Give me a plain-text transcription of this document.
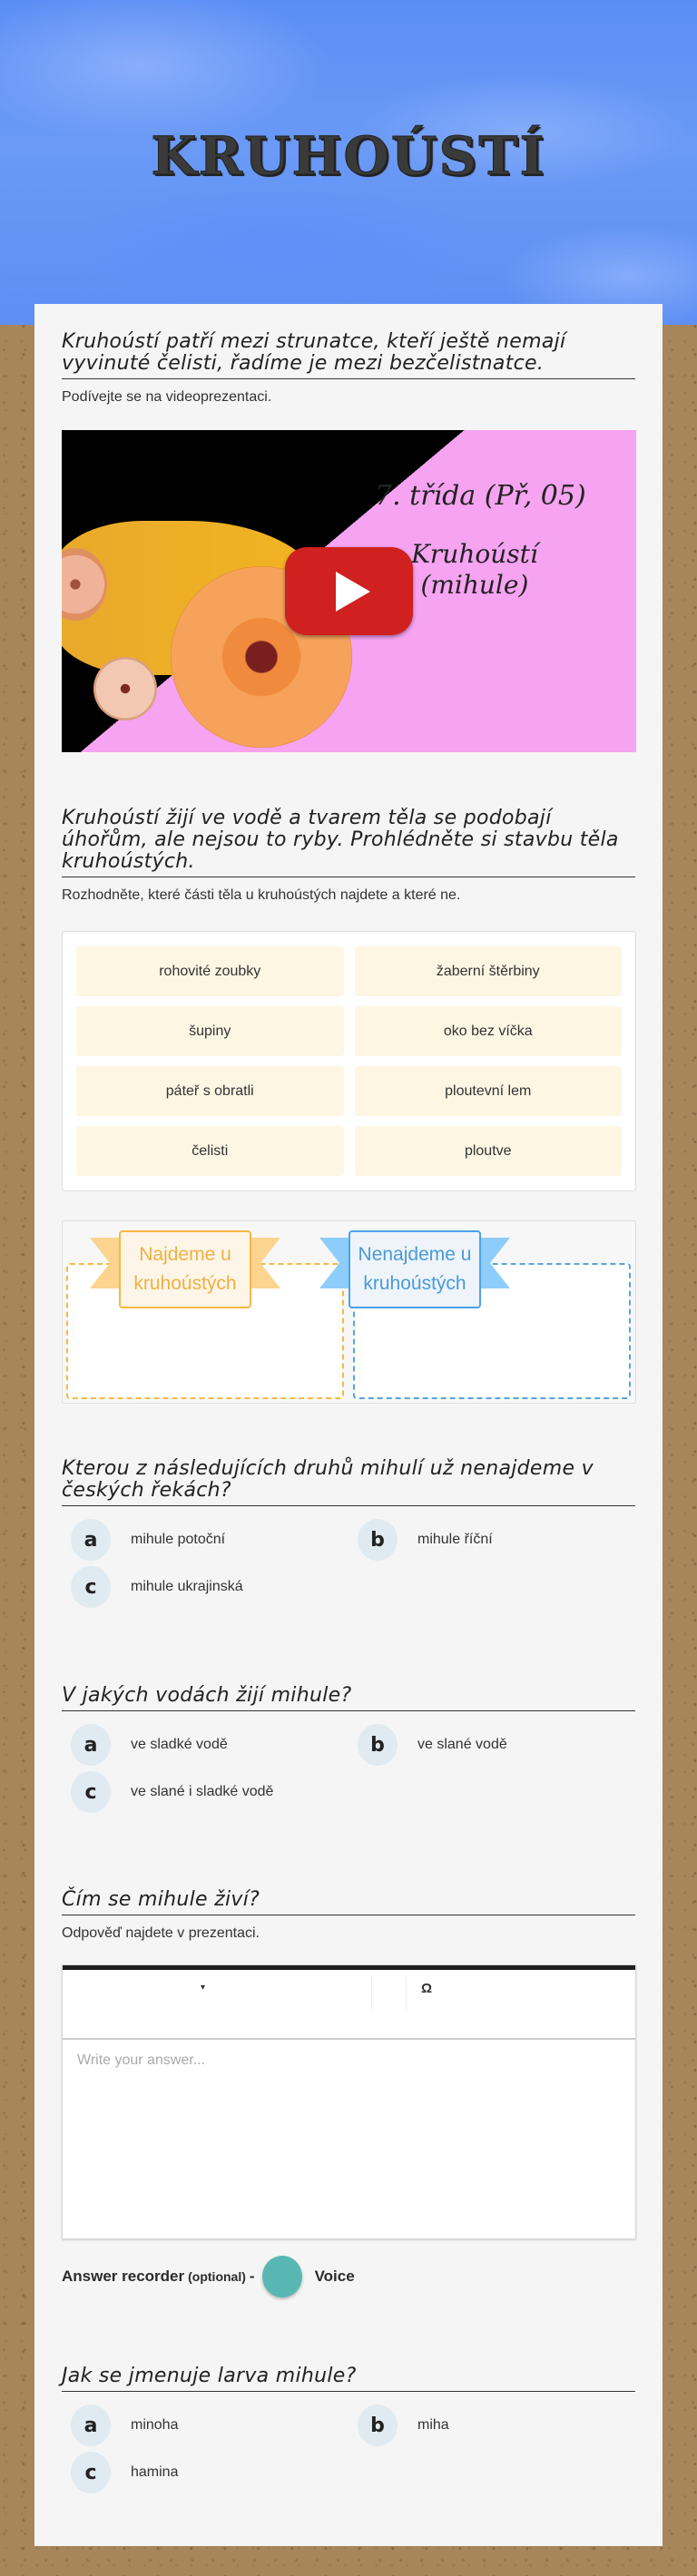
KRUHOÚSTÍ
Kruhoústí patří mezi strunatce, kteří ještě nemají vyvinuté čelisti, řadíme je mezi bezčelistnatce.
Podívejte se na videoprezentaci.
7. třída (Př, 05)
Kruhoústí
(mihule)
Kruhoústí žijí ve vodě a tvarem těla se podobají úhořům, ale nejsou to ryby. Prohlédněte si stavbu těla kruhoústých.
Rozhodněte, které části těla u kruhoústých najdete a které ne.
rohovité zoubky	žaberní štěrbiny
šupiny	oko bez víčka
páteř s obratli	ploutevní lem
čelisti	ploutve
Najdeme u kruhoústých
Nenajdeme u kruhoústých
Kterou z následujících druhů mihulí už nenajdeme v českých řekách?
a	mihule potoční	b	mihule říční
c	mihule ukrajinská
V jakých vodách žijí mihule?
a	ve sladké vodě	b	ve slané vodě
c	ve slané i sladké vodě
Čím se mihule živí?
Odpověď najdete v prezentaci.
▾	Ω
Write your answer...
Answer recorder (optional) -	Voice
Jak se jmenuje larva mihule?
a	minoha	b	miha
c	hamina
